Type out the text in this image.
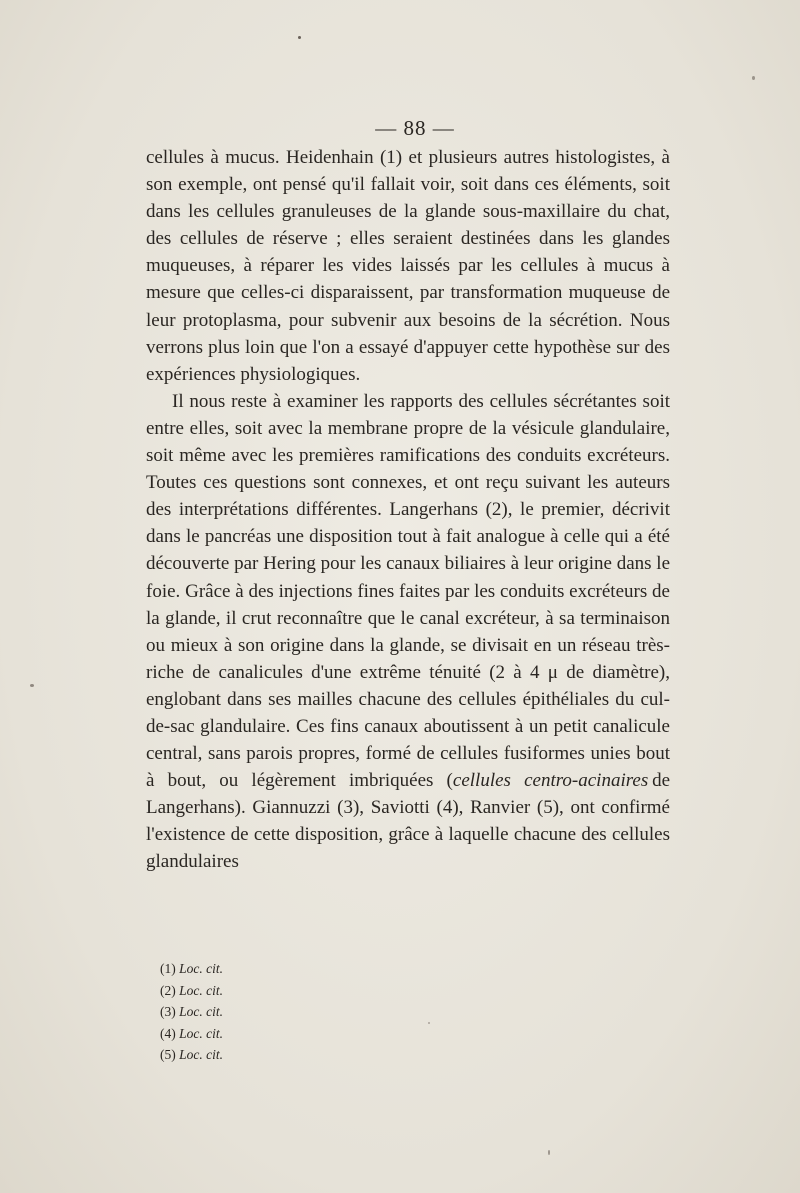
— 88 —

cellules à mucus. Heidenhain (1) et plusieurs autres histologistes, à son exemple, ont pensé qu'il fallait voir, soit dans ces éléments, soit dans les cellules granuleuses de la glande sous-maxillaire du chat, des cellules de réserve ; elles seraient destinées dans les glandes muqueuses, à réparer les vides laissés par les cellules à mucus à mesure que celles-ci disparaissent, par transformation muqueuse de leur protoplasma, pour subvenir aux besoins de la sécrétion. Nous verrons plus loin que l'on a essayé d'appuyer cette hypothèse sur des expériences physiologiques.

Il nous reste à examiner les rapports des cellules sécrétantes soit entre elles, soit avec la membrane propre de la vésicule glandulaire, soit même avec les premières ramifications des conduits excréteurs. Toutes ces questions sont connexes, et ont reçu suivant les auteurs des interprétations différentes. Langerhans (2), le premier, décrivit dans le pancréas une disposition tout à fait analogue à celle qui a été découverte par Hering pour les canaux biliaires à leur origine dans le foie. Grâce à des injections fines faites par les conduits excréteurs de la glande, il crut reconnaître que le canal excréteur, à sa terminaison ou mieux à son origine dans la glande, se divisait en un réseau très-riche de canalicules d'une extrême ténuité (2 à 4 μ de diamètre), englobant dans ses mailles chacune des cellules épithéliales du cul-de-sac glandulaire. Ces fins canaux aboutissent à un petit canalicule central, sans parois propres, formé de cellules fusiformes unies bout à bout, ou légèrement imbriquées (cellules centro-acinaires  de Langerhans). Giannuzzi (3), Saviotti (4), Ranvier (5), ont confirmé l'existence de cette disposition, grâce à laquelle chacune des cellules glandulaires

(1) Loc. cit.
(2) Loc. cit.
(3) Loc. cit.
(4) Loc. cit.
(5) Loc. cit.
